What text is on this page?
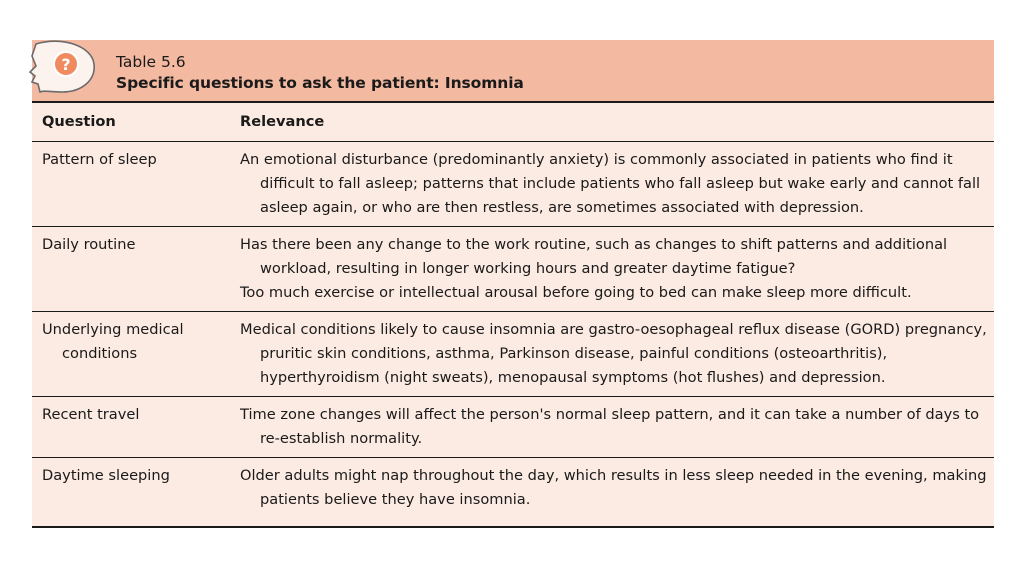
?	Table 5.6
Specific questions to ask the patient: Insomnia
Question	Relevance

Pattern of sleep	An emotional disturbance (predominantly anxiety) is commonly associated in patients who find it difficult to fall asleep; patterns that include patients who fall asleep but wake early and cannot fall asleep again, or who are then restless, are sometimes associated with depression.

Daily routine	Has there been any change to the work routine, such as changes to shift patterns and additional workload, resulting in longer working hours and greater daytime fatigue?
Too much exercise or intellectual arousal before going to bed can make sleep more difficult.

Underlying medical conditions	Medical conditions likely to cause insomnia are gastro-oesophageal reflux disease (GORD) pregnancy, pruritic skin conditions, asthma, Parkinson disease, painful conditions (osteoarthritis), hyperthyroidism (night sweats), menopausal symptoms (hot flushes) and depression.

Recent travel	Time zone changes will affect the person's normal sleep pattern, and it can take a number of days to re-establish normality.

Daytime sleeping	Older adults might nap throughout the day, which results in less sleep needed in the evening, making patients believe they have insomnia.
